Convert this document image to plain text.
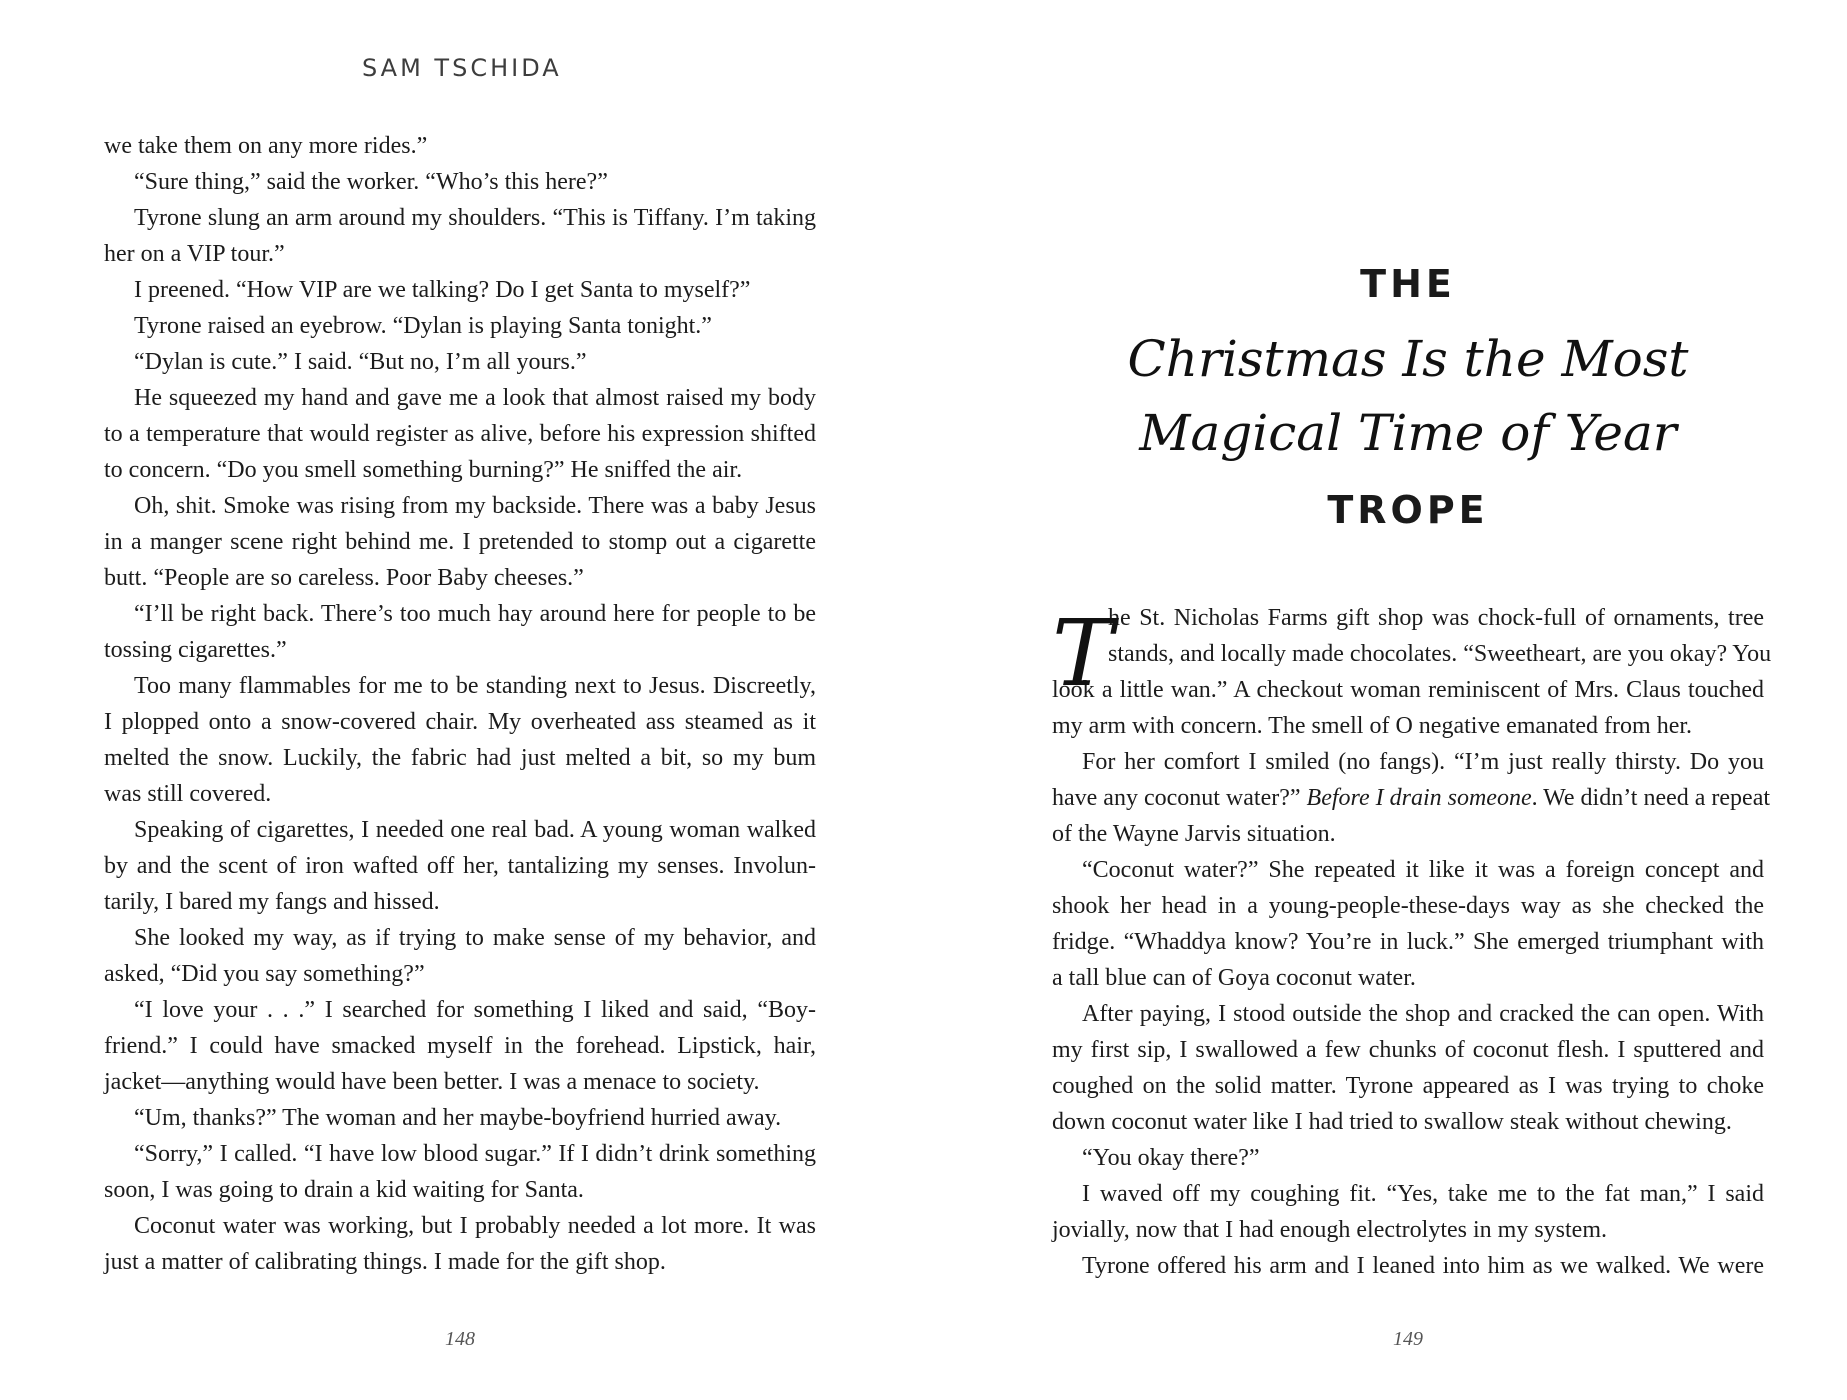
SAM TSCHIDA
we take them on any more rides.”
“Sure thing,” said the worker. “Who’s this here?”
Tyrone slung an arm around my shoulders. “This is Tiffany. I’m taking
her on a VIP tour.”
I preened. “How VIP are we talking? Do I get Santa to myself?”
Tyrone raised an eyebrow. “Dylan is playing Santa tonight.”
“Dylan is cute.” I said. “But no, I’m all yours.”
He squeezed my hand and gave me a look that almost raised my body
to a temperature that would register as alive, before his expression shifted
to concern. “Do you smell something burning?” He sniffed the air.
Oh, shit. Smoke was rising from my backside. There was a baby Jesus
in a manger scene right behind me. I pretended to stomp out a cigarette
butt. “People are so careless. Poor Baby cheeses.”
“I’ll be right back. There’s too much hay around here for people to be
tossing cigarettes.”
Too many flammables for me to be standing next to Jesus. Discreetly,
I plopped onto a snow-covered chair. My overheated ass steamed as it
melted the snow. Luckily, the fabric had just melted a bit, so my bum
was still covered.
Speaking of cigarettes, I needed one real bad. A young woman walked
by and the scent of iron wafted off her, tantalizing my senses. Involun-
tarily, I bared my fangs and hissed.
She looked my way, as if trying to make sense of my behavior, and
asked, “Did you say something?”
“I love your . . .” I searched for something I liked and said, “Boy-
friend.” I could have smacked myself in the forehead. Lipstick, hair,
jacket—anything would have been better. I was a menace to society.
“Um, thanks?” The woman and her maybe-boyfriend hurried away.
“Sorry,” I called. “I have low blood sugar.” If I didn’t drink something
soon, I was going to drain a kid waiting for Santa.
Coconut water was working, but I probably needed a lot more. It was
just a matter of calibrating things. I made for the gift shop.
148
THE
Christmas Is the Most
Magical Time of Year
TROPE
T
he St. Nicholas Farms gift shop was chock-full of ornaments, tree
stands, and locally made chocolates. “Sweetheart, are you okay? You
look a little wan.” A checkout woman reminiscent of Mrs. Claus touched
my arm with concern. The smell of O negative emanated from her.
For her comfort I smiled (no fangs). “I’m just really thirsty. Do you
have any coconut water?” Before I drain someone. We didn’t need a repeat
of the Wayne Jarvis situation.
“Coconut water?” She repeated it like it was a foreign concept and
shook her head in a young-people-these-days way as she checked the
fridge. “Whaddya know? You’re in luck.” She emerged triumphant with
a tall blue can of Goya coconut water.
After paying, I stood outside the shop and cracked the can open. With
my first sip, I swallowed a few chunks of coconut flesh. I sputtered and
coughed on the solid matter. Tyrone appeared as I was trying to choke
down coconut water like I had tried to swallow steak without chewing.
“You okay there?”
I waved off my coughing fit. “Yes, take me to the fat man,” I said
jovially, now that I had enough electrolytes in my system.
Tyrone offered his arm and I leaned into him as we walked. We were
149
